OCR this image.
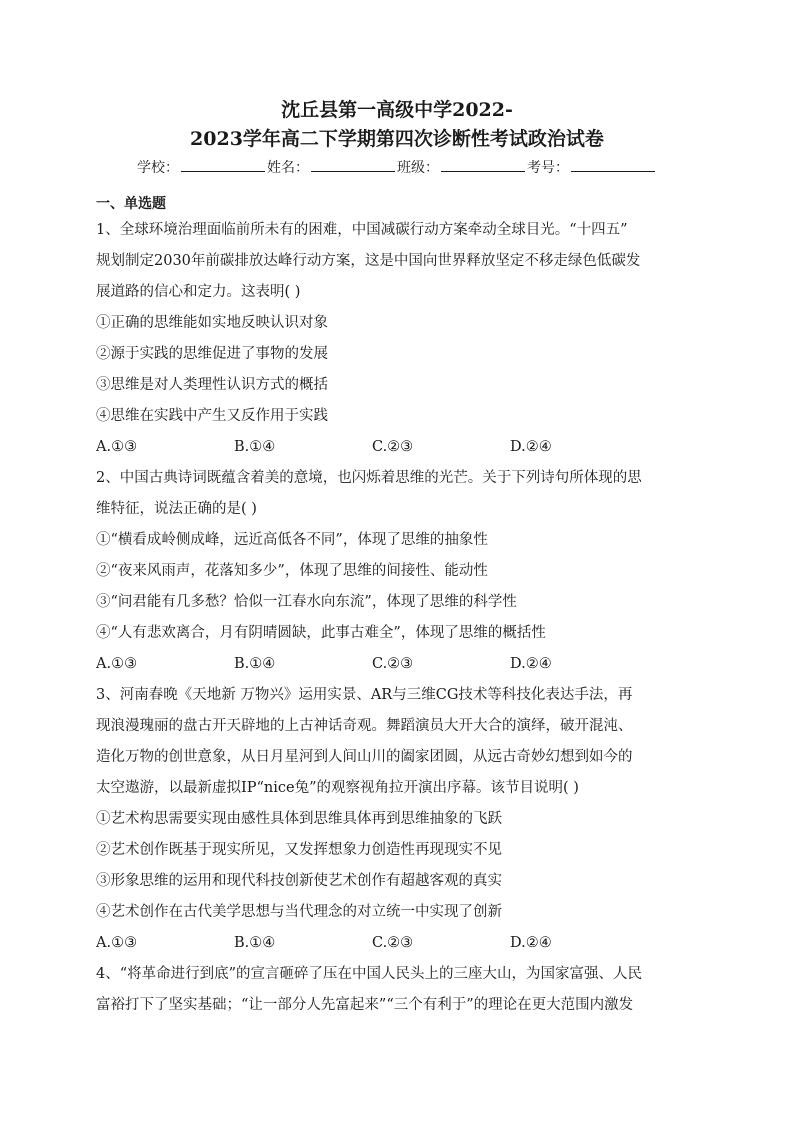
沈丘县第一高级中学2022-
2023学年高二下学期第四次诊断性考试政治试卷
学校：	姓名：	班级：	考号：
一、单选题
1、全球环境治理面临前所未有的困难，中国减碳行动方案牵动全球目光。“十四五”
规划制定2030年前碳排放达峰行动方案，这是中国向世界释放坚定不移走绿色低碳发
展道路的信心和定力。这表明( )
①正确的思维能如实地反映认识对象
②源于实践的思维促进了事物的发展
③思维是对人类理性认识方式的概括
④思维在实践中产生又反作用于实践
A.①③	B.①④	C.②③	D.②④
2、中国古典诗词既蕴含着美的意境，也闪烁着思维的光芒。关于下列诗句所体现的思
维特征，说法正确的是( )
①“横看成岭侧成峰，远近高低各不同”，体现了思维的抽象性
②“夜来风雨声，花落知多少”，体现了思维的间接性、能动性
③“问君能有几多愁？恰似一江春水向东流”，体现了思维的科学性
④“人有悲欢离合，月有阴晴圆缺，此事古难全”，体现了思维的概括性
A.①③	B.①④	C.②③	D.②④
3、河南春晚《天地新 万物兴》运用实景、AR与三维CG技术等科技化表达手法，再
现浪漫瑰丽的盘古开天辟地的上古神话奇观。舞蹈演员大开大合的演绎，破开混沌、
造化万物的创世意象，从日月星河到人间山川的阖家团圆，从远古奇妙幻想到如今的
太空遨游，以最新虚拟IP“nice兔”的观察视角拉开演出序幕。该节目说明( )
①艺术构思需要实现由感性具体到思维具体再到思维抽象的飞跃
②艺术创作既基于现实所见，又发挥想象力创造性再现现实不见
③形象思维的运用和现代科技创新使艺术创作有超越客观的真实
④艺术创作在古代美学思想与当代理念的对立统一中实现了创新
A.①③	B.①④	C.②③	D.②④
4、“将革命进行到底”的宣言砸碎了压在中国人民头上的三座大山，为国家富强、人民
富裕打下了坚实基础；“让一部分人先富起来”“三个有利于”的理论在更大范围内激发
